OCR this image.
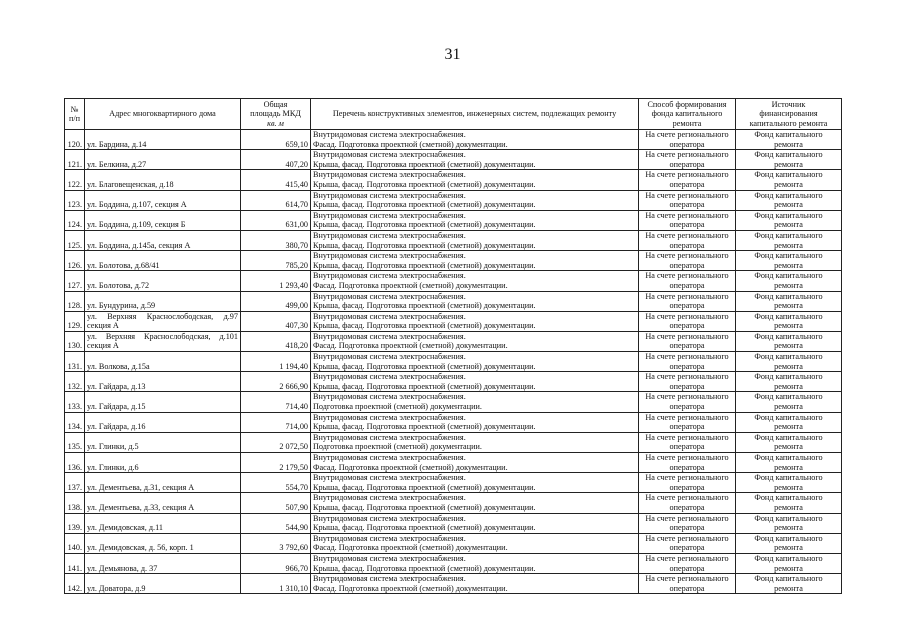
31
№
п/п	Адрес многоквартирного дома	Общая
площадь МКД
кв. м	Перечень конструктивных элементов, инженерных систем, подлежащих ремонту	Способ формирования
фонда капитального
ремонта	Источник
финансирования
капитального ремонта

120.	ул. Бардина, д.14	659,10	Внутридомовая система электроснабжения.
Фасад. Подготовка проектной (сметной) документации.	На счете регионального
оператора	Фонд капитального
ремонта

121.	ул. Белкина, д.27	407,20	Внутридомовая система электроснабжения.
Крыша, фасад. Подготовка проектной (сметной) документации.	На счете регионального
оператора	Фонд капитального
ремонта

122.	ул. Благовещенская, д.18	415,40	Внутридомовая система электроснабжения.
Крыша, фасад. Подготовка проектной (сметной) документации.	На счете регионального
оператора	Фонд капитального
ремонта

123.	ул. Боддина, д.107, секция А	614,70	Внутридомовая система электроснабжения.
Крыша, фасад. Подготовка проектной (сметной) документации.	На счете регионального
оператора	Фонд капитального
ремонта

124.	ул. Боддина, д.109, секция Б	631,00	Внутридомовая система электроснабжения.
Крыша, фасад. Подготовка проектной (сметной) документации.	На счете регионального
оператора	Фонд капитального
ремонта

125.	ул. Боддина, д.145а, секция А	380,70	Внутридомовая система электроснабжения.
Крыша, фасад. Подготовка проектной (сметной) документации.	На счете регионального
оператора	Фонд капитального
ремонта

126.	ул. Болотова, д.68/41	785,20	Внутридомовая система электроснабжения.
Крыша, фасад. Подготовка проектной (сметной) документации.	На счете регионального
оператора	Фонд капитального
ремонта

127.	ул. Болотова, д.72	1 293,40	Внутридомовая система электроснабжения.
Фасад. Подготовка проектной (сметной) документации.	На счете регионального
оператора	Фонд капитального
ремонта

128.	ул. Бундурина, д.59	499,00	Внутридомовая система электроснабжения.
Крыша, фасад. Подготовка проектной (сметной) документации.	На счете регионального
оператора	Фонд капитального
ремонта

129.	ул. Верхняя Краснослободская, д.97
секция А	407,30	Внутридомовая система электроснабжения.
Крыша, фасад. Подготовка проектной (сметной) документации.	На счете регионального
оператора	Фонд капитального
ремонта

130.	ул. Верхняя Краснослободская, д.101
секция А	418,20	Внутридомовая система электроснабжения.
Фасад. Подготовка проектной (сметной) документации.	На счете регионального
оператора	Фонд капитального
ремонта

131.	ул. Волкова, д.15а	1 194,40	Внутридомовая система электроснабжения.
Крыша, фасад. Подготовка проектной (сметной) документации.	На счете регионального
оператора	Фонд капитального
ремонта

132.	ул. Гайдара, д.13	2 666,90	Внутридомовая система электроснабжения.
Крыша, фасад. Подготовка проектной (сметной) документации.	На счете регионального
оператора	Фонд капитального
ремонта

133.	ул. Гайдара, д.15	714,40	Внутридомовая система электроснабжения.
Подготовка проектной (сметной) документации.	На счете регионального
оператора	Фонд капитального
ремонта

134.	ул. Гайдара, д.16	714,00	Внутридомовая система электроснабжения.
Крыша, фасад. Подготовка проектной (сметной) документации.	На счете регионального
оператора	Фонд капитального
ремонта

135.	ул. Глинки, д.5	2 072,50	Внутридомовая система электроснабжения.
Подготовка проектной (сметной) документации.	На счете регионального
оператора	Фонд капитального
ремонта

136.	ул. Глинки, д.6	2 179,50	Внутридомовая система электроснабжения.
Фасад. Подготовка проектной (сметной) документации.	На счете регионального
оператора	Фонд капитального
ремонта

137.	ул. Дементьева, д.31, секция А	554,70	Внутридомовая система электроснабжения.
Крыша, фасад. Подготовка проектной (сметной) документации.	На счете регионального
оператора	Фонд капитального
ремонта

138.	ул. Дементьева, д.33, секция А	507,90	Внутридомовая система электроснабжения.
Крыша, фасад. Подготовка проектной (сметной) документации.	На счете регионального
оператора	Фонд капитального
ремонта

139.	ул. Демидовская, д.11	544,90	Внутридомовая система электроснабжения.
Крыша, фасад. Подготовка проектной (сметной) документации.	На счете регионального
оператора	Фонд капитального
ремонта

140.	ул. Демидовская, д. 56, корп. 1	3 792,60	Внутридомовая система электроснабжения.
Фасад. Подготовка проектной (сметной) документации.	На счете регионального
оператора	Фонд капитального
ремонта

141.	ул. Демьянова, д. 37	966,70	Внутридомовая система электроснабжения.
Крыша, фасад. Подготовка проектной (сметной) документации.	На счете регионального
оператора	Фонд капитального
ремонта

142.	ул. Доватора, д.9	1 310,10	Внутридомовая система электроснабжения.
Фасад. Подготовка проектной (сметной) документации.	На счете регионального
оператора	Фонд капитального
ремонта
